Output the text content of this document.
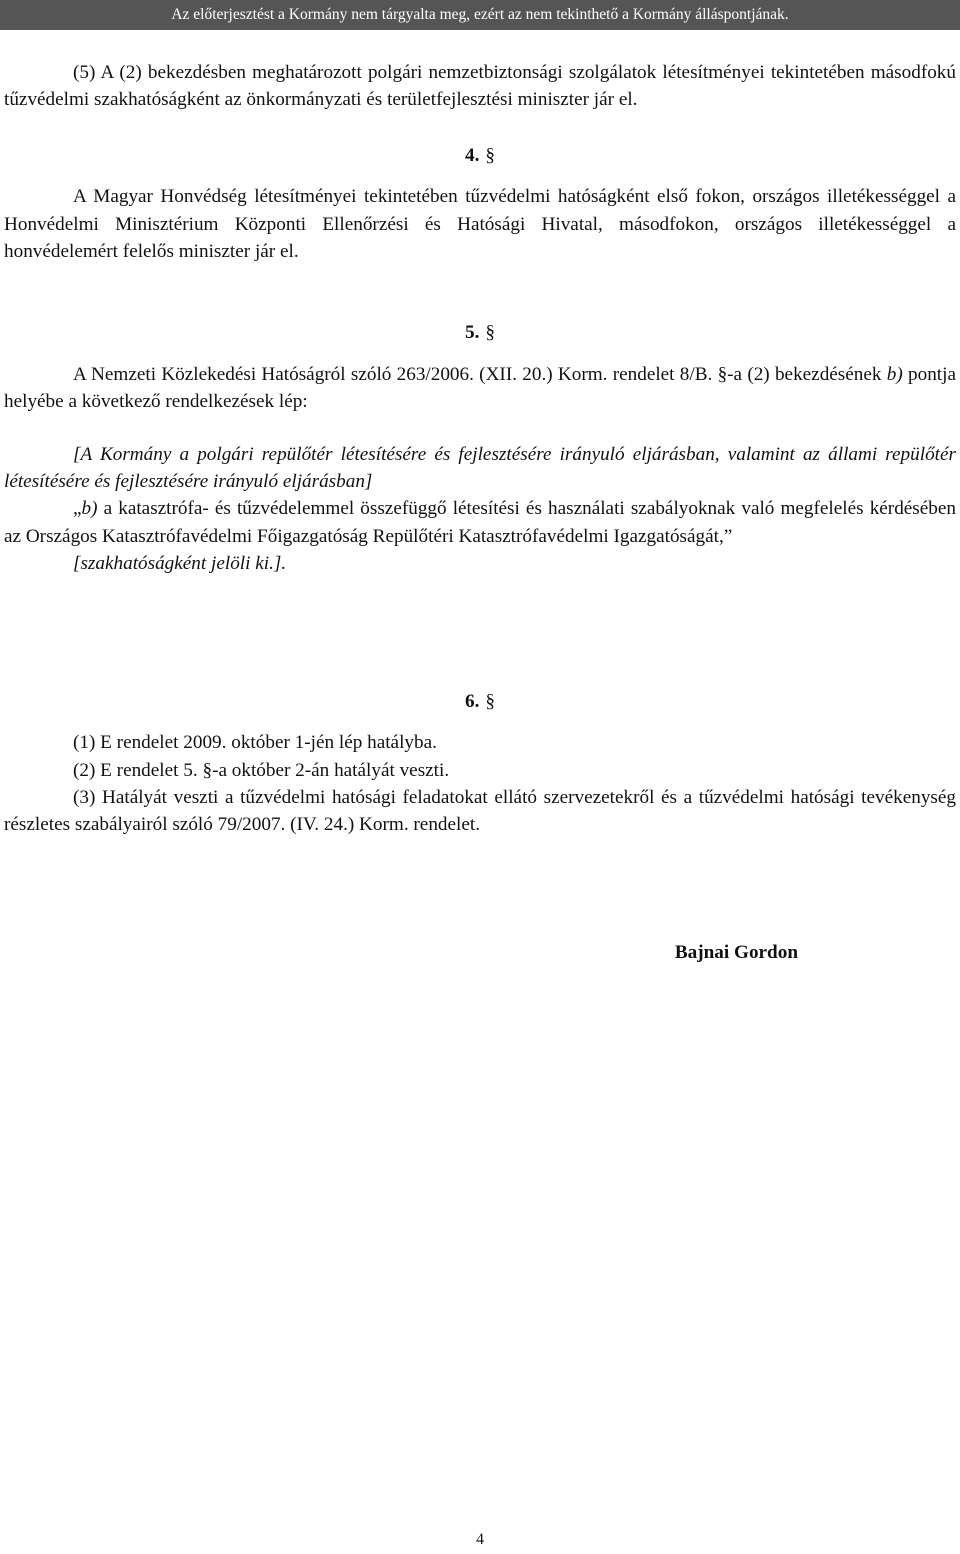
Az előterjesztést a Kormány nem tárgyalta meg, ezért az nem tekinthető a Kormány álláspontjának.

(5) A (2) bekezdésben meghatározott polgári nemzetbiztonsági szolgálatok létesítményei tekintetében másodfokú tűzvédelmi szakhatóságként az önkormányzati és területfejlesztési miniszter jár el.

4. §

A Magyar Honvédség létesítményei tekintetében tűzvédelmi hatóságként első fokon, országos illetékességgel a Honvédelmi Minisztérium Központi Ellenőrzési és Hatósági Hivatal, másodfokon, országos illetékességgel a honvédelemért felelős miniszter jár el.

5. §

A Nemzeti Közlekedési Hatóságról szóló 263/2006. (XII. 20.) Korm. rendelet 8/B. §-a (2) bekezdésének b) pontja helyébe a következő rendelkezések lép:

[A Kormány a polgári repülőtér létesítésére és fejlesztésére irányuló eljárásban, valamint az állami repülőtér létesítésére és fejlesztésére irányuló eljárásban]

„b) a katasztrófa- és tűzvédelemmel összefüggő létesítési és használati szabályoknak való megfelelés kérdésében az Országos Katasztrófavédelmi Főigazgatóság Repülőtéri Katasztrófavédelmi Igazgatóságát,”

[szakhatóságként jelöli ki.].

6. §

(1) E rendelet 2009. október 1-jén lép hatályba.

(2) E rendelet 5. §-a október 2-án hatályát veszti.

(3) Hatályát veszti a tűzvédelmi hatósági feladatokat ellátó szervezetekről és a tűzvédelmi hatósági tevékenység részletes szabályairól szóló 79/2007. (IV. 24.) Korm. rendelet.

Bajnai Gordon

4
